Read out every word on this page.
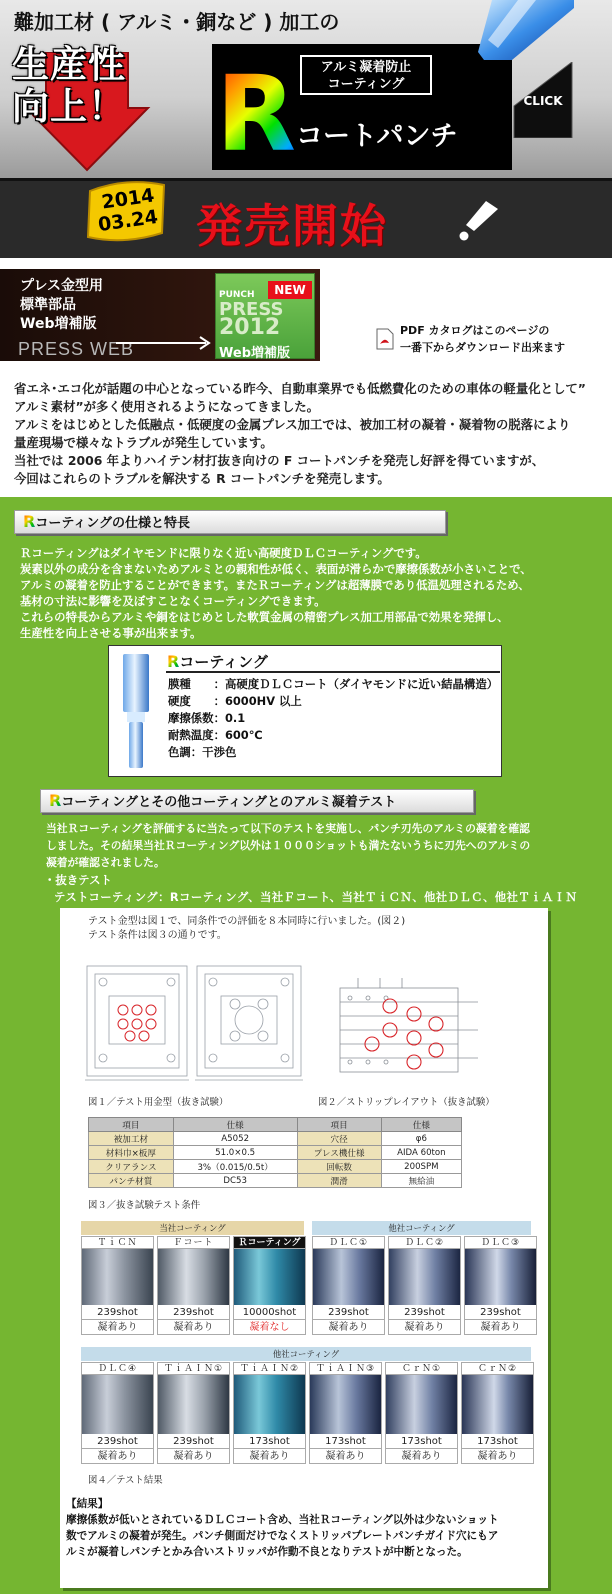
難加工材 ( アルミ・銅など ) 加工の
生産性
向上！
アルミ凝着防止
コーティング
R コートパンチ
CLICK
2014
03.24 発売開始
プレス金型用
標準部品
Web増補版
PRESS WEB
PUNCH
PRESS
2012
Web増補版
NEW
PDF カタログはこのページの
一番下からダウンロード出来ます

省エネ･エコ化が話題の中心となっている昨今、自動車業界でも低燃費化のための車体の軽量化として”

アルミ素材”が多く使用されるようになってきました。

アルミをはじめとした低融点・低硬度の金属プレス加工では、被加工材の凝着・凝着物の脱落により

量産現場で様々なトラブルが発生しています。

当社では 2006 年よりハイテン材打抜き向けの F コートパンチを発売し好評を得ていますが、

今回はこれらのトラブルを解決する R コートパンチを発売します。

Rコーティングの仕様と特長

Ｒコーティングはダイヤモンドに限りなく近い高硬度ＤＬＣコーティングです。

炭素以外の成分を含まないためアルミとの親和性が低く、表面が滑らかで摩擦係数が小さいことで、

アルミの凝着を防止することができます。またＲコーティングは超薄膜であり低温処理されるため、

基材の寸法に影響を及ぼすことなくコーティングできます。

これらの特長からアルミや銅をはじめとした軟質金属の精密プレス加工用部品で効果を発揮し、

生産性を向上させる事が出来ます。

Rコーティング
膜種　　：高硬度ＤＬＣコート（ダイヤモンドに近い結晶構造）
硬度　　：6000HV 以上
摩擦係数：0.1
耐熱温度：600℃
色調：干渉色
Rコーティングとその他コーティングとのアルミ凝着テスト

当社Ｒコーティングを評価するに当たって以下のテストを実施し、パンチ刃先のアルミの凝着を確認

しました。その結果当社Ｒコーティング以外は１０００ショットも満たないうちに刃先へのアルミの

凝着が確認されました。

・抜きテスト
テストコーティング：Rコーティング、当社Ｆコート、当社ＴｉＣＮ、他社ＤＬＣ、他社ＴｉＡＩＮ
テスト金型は図１で、同条件での評価を８本同時に行いました。(図２)
テスト条件は図３の通りです。
図１／テスト用金型（抜き試験）	図２／ストリップレイアウト（抜き試験）
項目	仕様	項目	仕様
被加工材	A5052	穴径	φ6
材料巾×板厚	51.0×0.5	プレス機仕様	AIDA 60ton
クリアランス	3%（0.015/0.5t）	回転数	200SPM
パンチ材質	DC53	潤滑	無給油
図３／抜き試験テスト条件
当社コーティング	他社コーティング
他社コーティング
ＴｉＣＮ
239shot
凝着あり
Ｆコート
239shot
凝着あり
Ｒコーティング
10000shot
凝着なし
ＤＬＣ①
239shot
凝着あり
ＤＬＣ②
239shot
凝着あり
ＤＬＣ③
239shot
凝着あり
ＤＬＣ④
239shot
凝着あり
ＴｉＡＩＮ①
239shot
凝着あり
ＴｉＡＩＮ②
173shot
凝着あり
ＴｉＡＩＮ③
173shot
凝着あり
ＣｒＮ①
173shot
凝着あり
ＣｒＮ②
173shot
凝着あり
図４／テスト結果
【結果】

摩擦係数が低いとされているＤＬＣコート含め、当社Ｒコーティング以外は少ないショット

数でアルミの凝着が発生。パンチ側面だけでなくストリッパプレートパンチガイド穴にもア

ルミが凝着しパンチとかみ合いストリッパが作動不良となりテストが中断となった。
